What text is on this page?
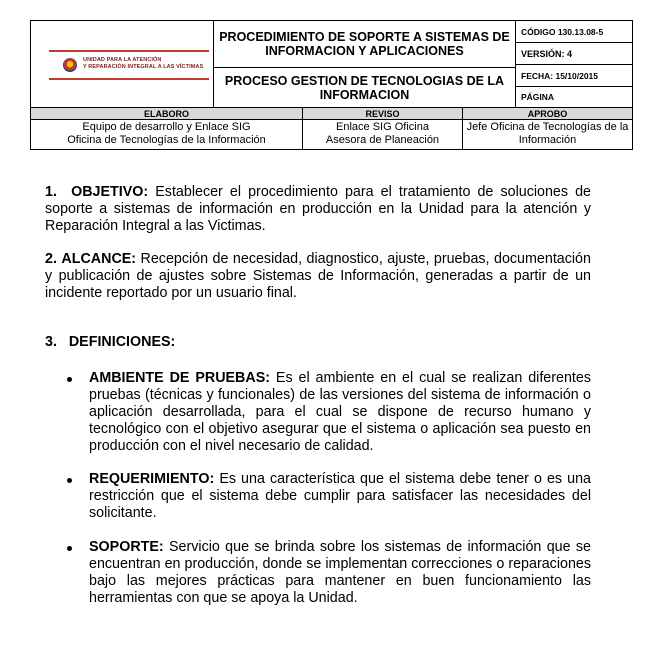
UNIDAD PARA LA ATENCIÓN
Y REPARACIÓN INTEGRAL A LAS VÍCTIMAS
PROCEDIMIENTO DE SOPORTE A SISTEMAS DE INFORMACION Y APLICACIONES
PROCESO GESTION DE TECNOLOGIAS DE LA INFORMACION
CÓDIGO 130.13.08-5
VERSIÓN: 4
FECHA: 15/10/2015
PÁGINA
ELABORO	REVISO	APROBO
Equipo de desarrollo y Enlace SIG
Oficina de Tecnologías de la Información
Enlace SIG Oficina
Asesora de Planeación
Jefe Oficina de Tecnologías de la
Información
1. OBJETIVO: Establecer el procedimiento para el tratamiento de soluciones de soporte a sistemas de información en producción en la Unidad para la atención y Reparación Integral a las Victimas.
2. ALCANCE: Recepción de necesidad, diagnostico, ajuste, pruebas, documentación y publicación de ajustes sobre Sistemas de Información, generadas a partir de un incidente reportado por un usuario final.
3. DEFINICIONES:
AMBIENTE DE PRUEBAS: Es el ambiente en el cual se realizan diferentes pruebas (técnicas y funcionales) de las versiones del sistema de información o aplicación desarrollada, para el cual se dispone de recurso humano y tecnológico con el objetivo asegurar que el sistema o aplicación sea puesto en producción con el nivel necesario de calidad.
REQUERIMIENTO: Es una característica que el sistema debe tener o es una restricción que el sistema debe cumplir para satisfacer las necesidades del solicitante.
SOPORTE: Servicio que se brinda sobre los sistemas de información que se encuentran en producción, donde se implementan correcciones o reparaciones bajo las mejores prácticas para mantener en buen funcionamiento las herramientas con que se apoya la Unidad.
